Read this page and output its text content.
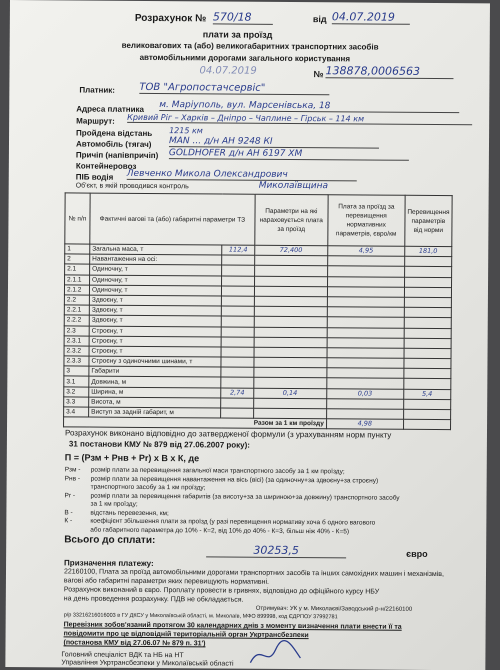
Розрахунок № 570/18	від 04.07.2019
плати за проїзд
великовагових та (або) великогабаритних транспортних засобів
автомобільними дорогами загального користування
№ 138878,0006563
04.07.2019
Платник: ТОВ "Агропостачсервіс"
Адреса платника м. Маріуполь, вул. Марсенівська, 18
Маршрут: Кривий Ріг – Харків – Дніпро – Чаплине – Гірськ – 114 км
Пройдена відстань 1215 км
Автомобіль (тягач) MAN ... д/н АН 9248 КІ
Причіп (напівпричіп) GOLDHOFER д/н АН 6197 ХМ
Контейнеровоз
ПІБ водія Левченко Микола Олександрович
Об'єкт, в якій проводився контроль	Миколаївщина
№ п/п	Фактичні вагові та (або) габаритні параметри ТЗ		Параметри на які нараховується плата за проїзд	Плата за проїзд за перевищення нормативних параметрів, євро/км	Перевищення параметрів від норми
1	Загальна маса, т	112,4	72,400	4,95	181,0
2	Навантаження на осі:				
2.1	Одиночну, т				
2.1.1	Одиночну, т				
2.1.2	Одиночну, т				
2.2	Здвоєну, т				
2.2.1	Здвоєну, т				
2.2.2	Здвоєну, т				
2.3	Строєну, т				
2.3.1	Строєну, т				
2.3.2	Строєну, т				
2.3.3	Строєну з одиночними шинами, т				
3	Габарити				
3.1	Довжина, м				
3.2	Ширина, м	2,74	0,14	0,03	5,4
3.3	Висота, м				
3.4	Виступ за задній габарит, м				
Разом за 1 км проїзду				4,98	
Розрахунок виконано відповідно до затвердженої формули (з урахуванням норм пункту
31 постанови КМУ № 879 від 27.06.2007 року):
П = (Рзм + Рнв + Pr) x В x К, де
Рзм - розмір плати за перевищення загальної маси транспортного засобу за 1 км проїзду;
Рнв - розмір плати за перевищення навантаження на вісь (вісі) (за одиночну+за здвоєну+за строєну)
транспортного засобу за 1 км проїзду;
Pr - розмір плати за перевищення габаритів (за висоту+за за шириною+за довжину) транспортного засобу
за 1 км проїзду;
В -	відстань перевезення, км;
К -	коефіцієнт збільшення плати за проїзд (у разі перевищення нормативу хоча б одного вагового
або габаритного параметра до 10% - К=2, від 10% до 40% - К=3, більш ніж 40% - К=5)
Всього до сплати:
30253,5	євро
Призначення платежу:
22160100, Плата за проїзд автомобільними дорогами транспортних засобів та інших самохідних машин і механізмів, вагові або габаритні параметри яких перевищують нормативні.
Розрахунок виконаний в євро. Проплату провести в гривнях, відповідно до офіційного курсу НБУ
на день проведення розрахунку. ПДВ не обкладається.
Отримувач: УК у м. Миколаєві/Заводський р-н/22160100
р/р 33216216016003 в ГУ ДКСУ у Миколаївській області, м. Миколаїв, МФО 899998, код ЄДРПОУ 37992781
Перевізник зобов'язаний протягом 30 календарних днів з моменту визначення плати внести її та
повідомити про це відповідній територіальній орган Укртрансбезпеки
(постанова КМУ від 27.06.07 № 879 п. 31')
Головний спеціаліст ВДК та НБ на НТ
Управління Укртрансбезпеки у Миколаївській області
